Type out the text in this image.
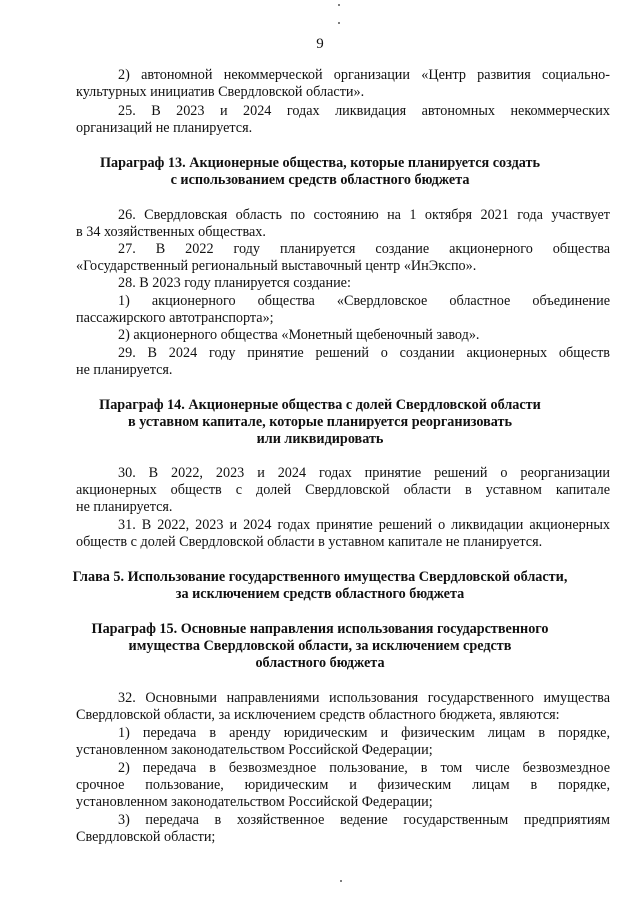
9
2) автономной некоммерческой организации «Центр развития социально-
культурных инициатив Свердловской области».
25. В 2023 и 2024 годах ликвидация автономных некоммерческих
организаций не планируется.
Параграф 13. Акционерные общества, которые планируется создать
с использованием средств областного бюджета
26. Свердловская область по состоянию на 1 октября 2021 года участвует
в 34 хозяйственных обществах.
27. В 2022 году планируется создание акционерного общества
«Государственный региональный выставочный центр «ИнЭкспо».
28. В 2023 году планируется создание:
1) акционерного общества «Свердловское областное объединение
пассажирского автотранспорта»;
2) акционерного общества «Монетный щебеночный завод».
29. В 2024 году принятие решений о создании акционерных обществ
не планируется.
Параграф 14. Акционерные общества с долей Свердловской области
в уставном капитале, которые планируется реорганизовать
или ликвидировать
30. В 2022, 2023 и 2024 годах принятие решений о реорганизации
акционерных обществ с долей Свердловской области в уставном капитале
не планируется.
31. В 2022, 2023 и 2024 годах принятие решений о ликвидации акционерных
обществ с долей Свердловской области в уставном капитале не планируется.
Глава 5. Использование государственного имущества Свердловской области,
за исключением средств областного бюджета
Параграф 15. Основные направления использования государственного
имущества Свердловской области, за исключением средств
областного бюджета
32. Основными направлениями использования государственного имущества
Свердловской области, за исключением средств областного бюджета, являются:
1) передача в аренду юридическим и физическим лицам в порядке,
установленном законодательством Российской Федерации;
2) передача в безвозмездное пользование, в том числе безвозмездное
срочное пользование, юридическим и физическим лицам в порядке,
установленном законодательством Российской Федерации;
3) передача в хозяйственное ведение государственным предприятиям
Свердловской области;
